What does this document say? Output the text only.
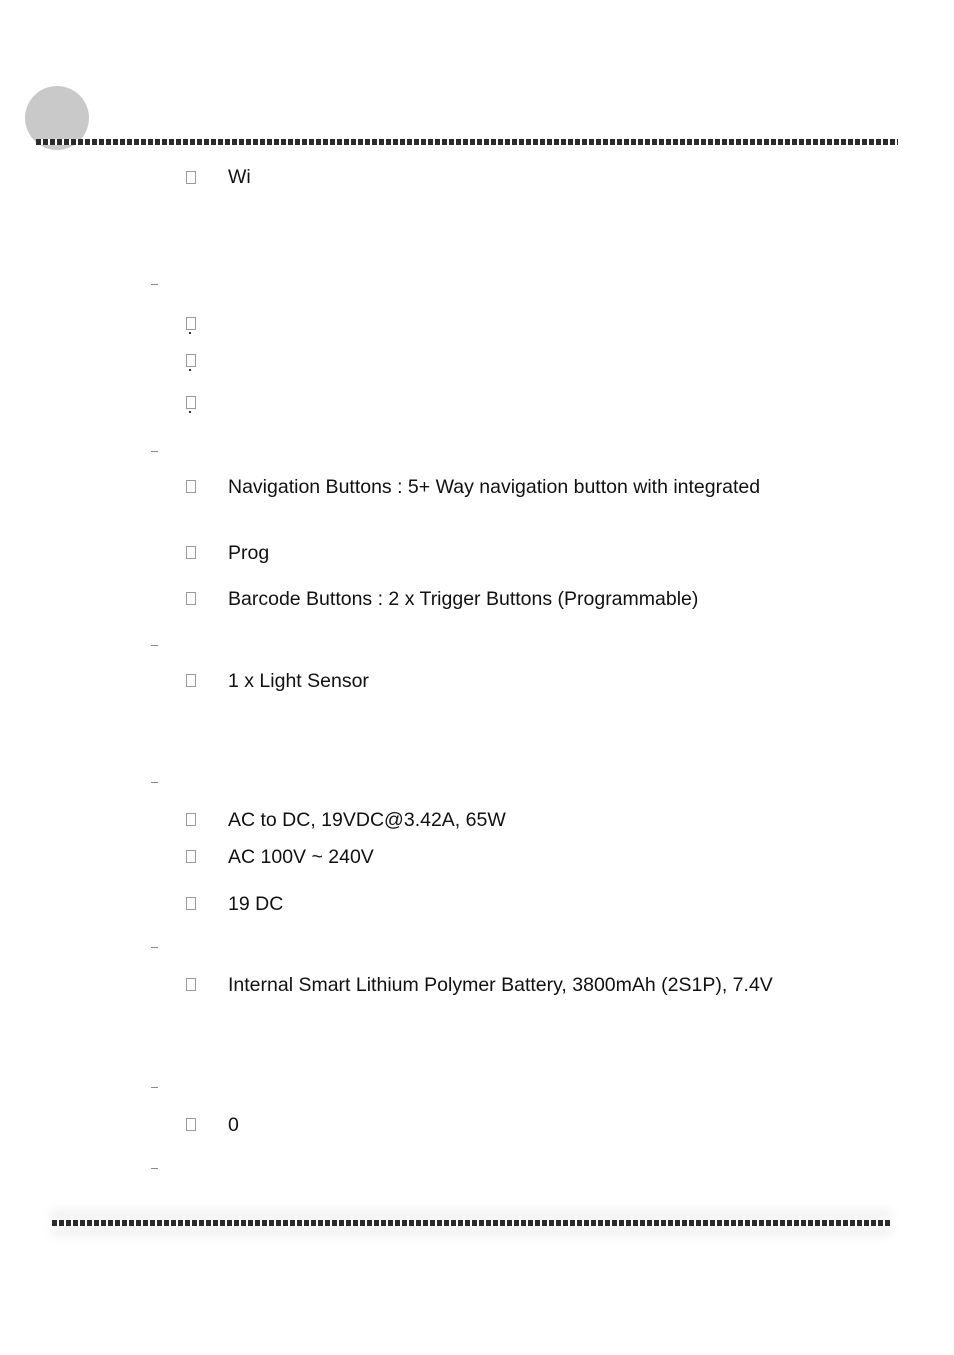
Wi
Navigation Buttons : 5+ Way navigation button with integrated
Prog
Barcode Buttons : 2 x Trigger Buttons (Programmable)
1 x Light Sensor
AC to DC, 19VDC@3.42A, 65W
AC 100V ~ 240V
19 DC
Internal Smart Lithium Polymer Battery, 3800mAh (2S1P), 7.4V
0
